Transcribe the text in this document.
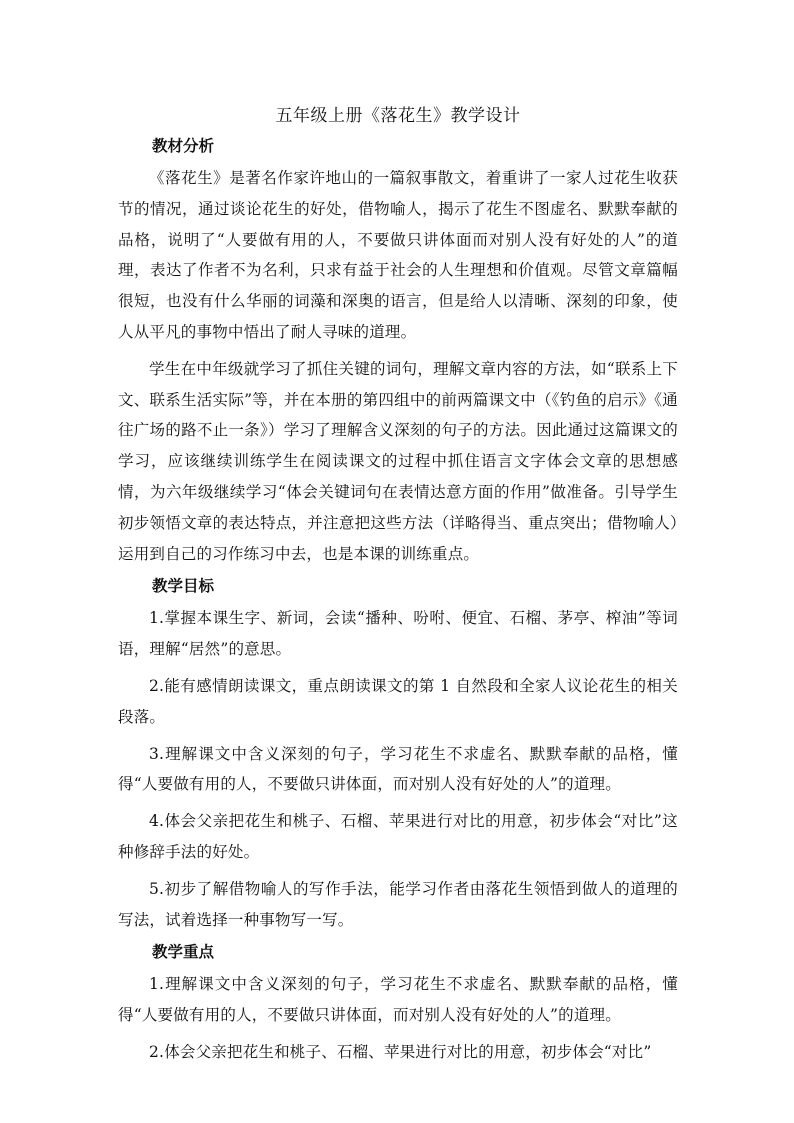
五年级上册《落花生》教学设计
教材分析

《落花生》是著名作家许地山的一篇叙事散文，着重讲了一家人过花生收获节的情况，通过谈论花生的好处，借物喻人，揭示了花生不图虚名、默默奉献的品格，说明了“人要做有用的人，不要做只讲体面而对别人没有好处的人”的道理，表达了作者不为名利，只求有益于社会的人生理想和价值观。尽管文章篇幅很短，也没有什么华丽的词藻和深奥的语言，但是给人以清晰、深刻的印象，使人从平凡的事物中悟出了耐人寻味的道理。

学生在中年级就学习了抓住关键的词句，理解文章内容的方法，如“联系上下文、联系生活实际”等，并在本册的第四组中的前两篇课文中（《钓鱼的启示》《通往广场的路不止一条》）学习了理解含义深刻的句子的方法。因此通过这篇课文的学习，应该继续训练学生在阅读课文的过程中抓住语言文字体会文章的思想感情，为六年级继续学习“体会关键词句在表情达意方面的作用”做准备。引导学生初步领悟文章的表达特点，并注意把这些方法（详略得当、重点突出；借物喻人）运用到自己的习作练习中去，也是本课的训练重点。

教学目标

1.掌握本课生字、新词，会读“播种、吩咐、便宜、石榴、茅亭、榨油”等词语，理解“居然”的意思。

2.能有感情朗读课文，重点朗读课文的第 1 自然段和全家人议论花生的相关段落。

3.理解课文中含义深刻的句子，学习花生不求虚名、默默奉献的品格，懂得“人要做有用的人，不要做只讲体面，而对别人没有好处的人”的道理。

4.体会父亲把花生和桃子、石榴、苹果进行对比的用意，初步体会“对比”这种修辞手法的好处。

5.初步了解借物喻人的写作手法，能学习作者由落花生领悟到做人的道理的写法，试着选择一种事物写一写。

教学重点

1.理解课文中含义深刻的句子，学习花生不求虚名、默默奉献的品格，懂得“人要做有用的人，不要做只讲体面，而对别人没有好处的人”的道理。

2.体会父亲把花生和桃子、石榴、苹果进行对比的用意，初步体会“对比”
